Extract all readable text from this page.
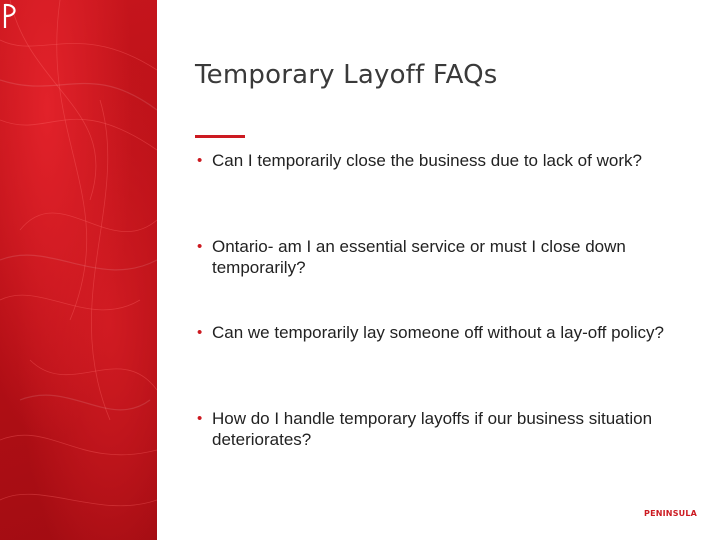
Temporary Layoff FAQs
• Can I temporarily close the business due to lack of work?
• Ontario- am I an essential service or must I close down temporarily?
• Can we temporarily lay someone off without a lay-off policy?
• How do I handle temporary layoffs if our business situation deteriorates?
PENINSULA
